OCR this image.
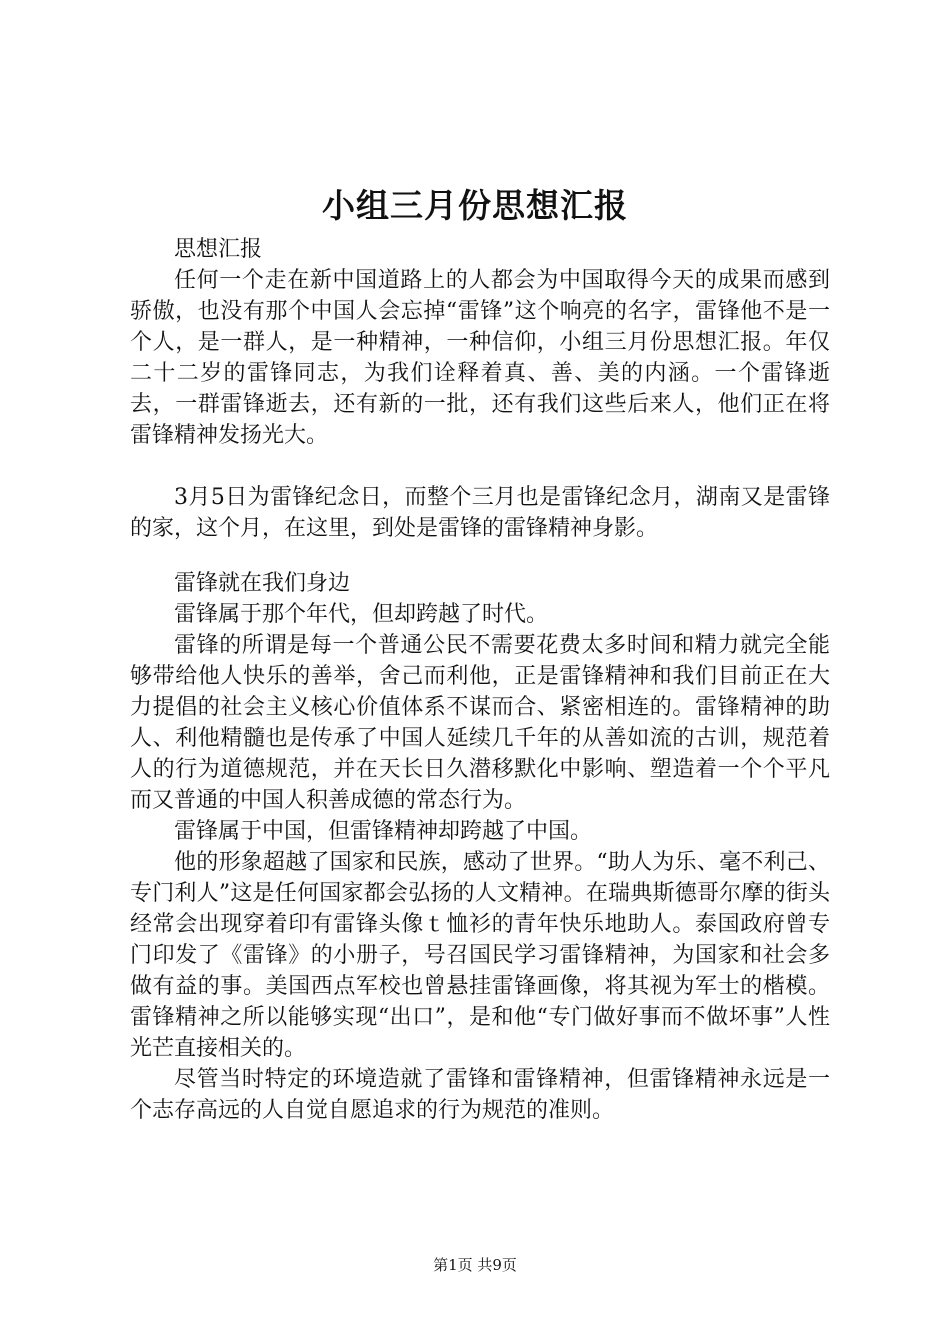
小组三月份思想汇报

思想汇报

任何一个走在新中国道路上的人都会为中国取得今天的成果而感到骄傲，也没有那个中国人会忘掉“雷锋”这个响亮的名字，雷锋他不是一个人，是一群人，是一种精神，一种信仰，小组三月份思想汇报。年仅二十二岁的雷锋同志，为我们诠释着真、善、美的内涵。一个雷锋逝去，一群雷锋逝去，还有新的一批，还有我们这些后来人，他们正在将雷锋精神发扬光大。

3月5日为雷锋纪念日，而整个三月也是雷锋纪念月，湖南又是雷锋的家，这个月，在这里，到处是雷锋的雷锋精神身影。

雷锋就在我们身边

雷锋属于那个年代，但却跨越了时代。

雷锋的所谓是每一个普通公民不需要花费太多时间和精力就完全能够带给他人快乐的善举，舍己而利他，正是雷锋精神和我们目前正在大力提倡的社会主义核心价值体系不谋而合、紧密相连的。雷锋精神的助人、利他精髓也是传承了中国人延续几千年的从善如流的古训，规范着人的行为道德规范，并在天长日久潜移默化中影响、塑造着一个个平凡而又普通的中国人积善成德的常态行为。

雷锋属于中国，但雷锋精神却跨越了中国。

他的形象超越了国家和民族，感动了世界。“助人为乐、毫不利己、专门利人”这是任何国家都会弘扬的人文精神。在瑞典斯德哥尔摩的街头经常会出现穿着印有雷锋头像ｔ恤衫的青年快乐地助人。泰国政府曾专门印发了《雷锋》的小册子，号召国民学习雷锋精神，为国家和社会多做有益的事。美国西点军校也曾悬挂雷锋画像，将其视为军士的楷模。雷锋精神之所以能够实现“出口”，是和他“专门做好事而不做坏事”人性光芒直接相关的。

尽管当时特定的环境造就了雷锋和雷锋精神，但雷锋精神永远是一个志存高远的人自觉自愿追求的行为规范的准则。

第1页 共9页
